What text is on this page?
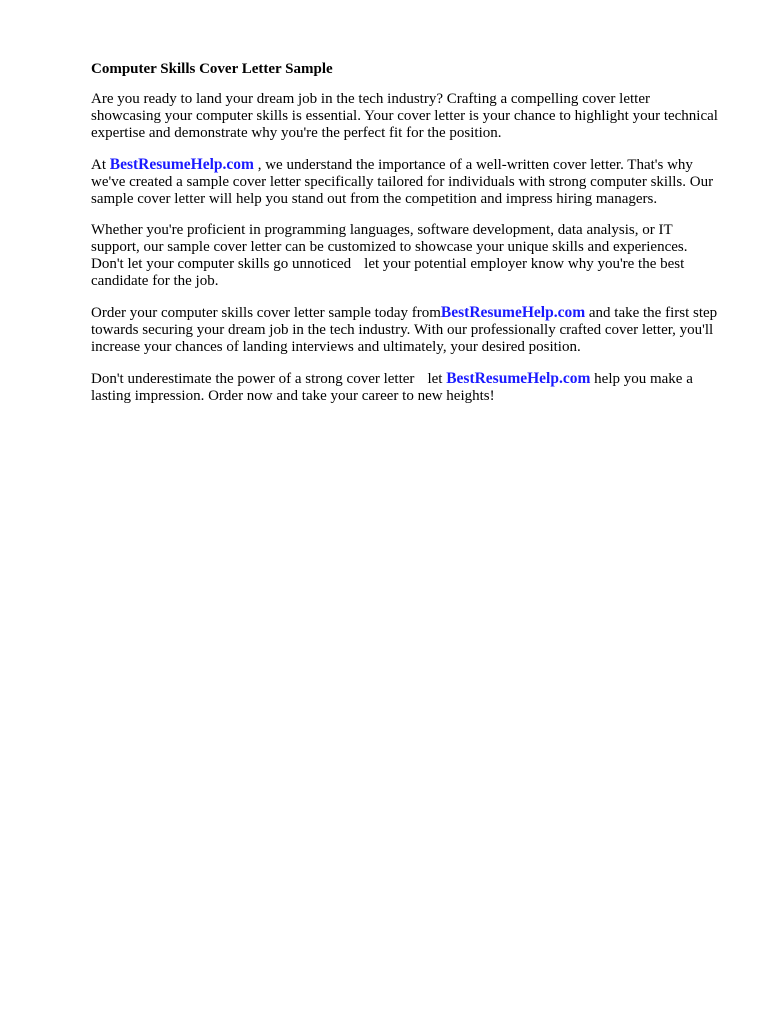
Computer Skills Cover Letter Sample

Are you ready to land your dream job in the tech industry? Crafting a compelling cover letter showcasing your computer skills is essential. Your cover letter is your chance to highlight your technical expertise and demonstrate why you're the perfect fit for the position.

At BestResumeHelp.com , we understand the importance of a well-written cover letter. That's why we've created a sample cover letter specifically tailored for individuals with strong computer skills. Our sample cover letter will help you stand out from the competition and impress hiring managers.

Whether you're proficient in programming languages, software development, data analysis, or IT support, our sample cover letter can be customized to showcase your unique skills and experiences. Don't let your computer skills go unnoticed let your potential employer know why you're the best candidate for the job.

Order your computer skills cover letter sample today fromBestResumeHelp.com and take the first step towards securing your dream job in the tech industry. With our professionally crafted cover letter, you'll increase your chances of landing interviews and ultimately, your desired position.

Don't underestimate the power of a strong cover letter let BestResumeHelp.com help you make a lasting impression. Order now and take your career to new heights!
